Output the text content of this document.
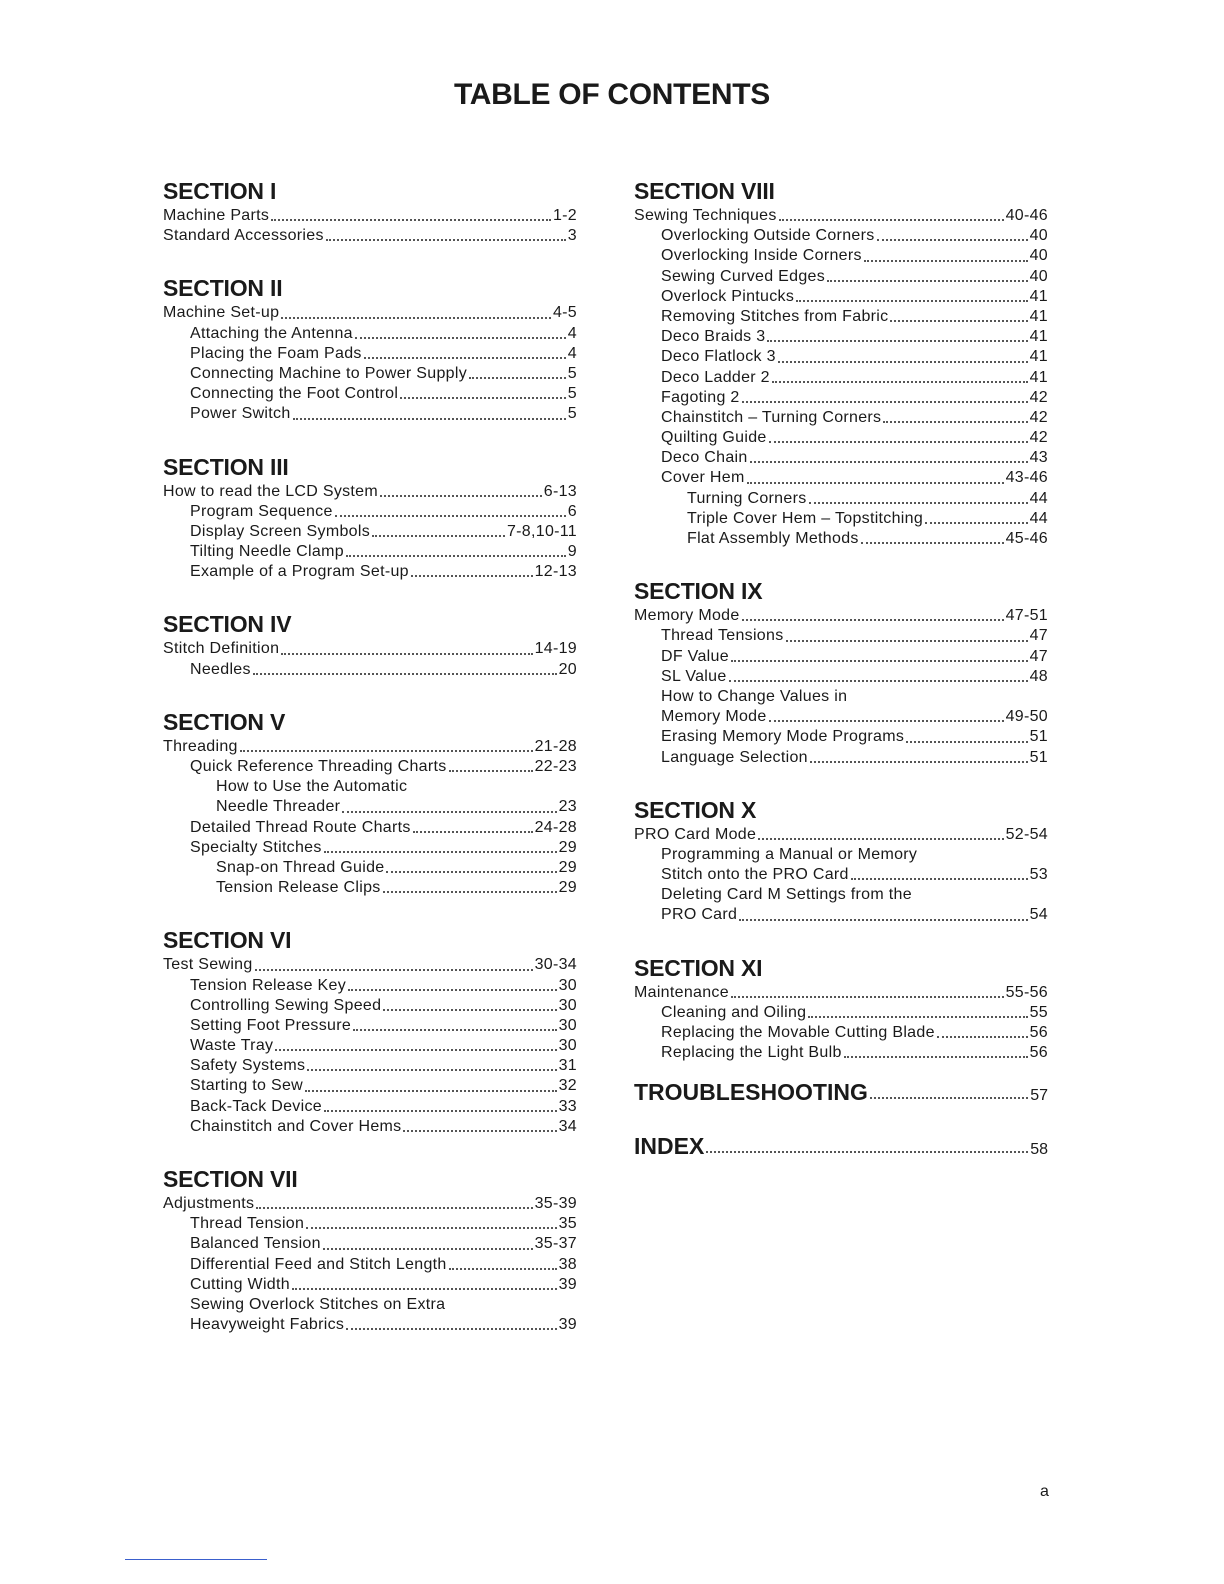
TABLE OF CONTENTS
SECTION I
Machine Parts	1-2
Standard Accessories	3
SECTION II
Machine Set-up	4-5
Attaching the Antenna	4
Placing the Foam Pads	4
Connecting Machine to Power Supply	5
Connecting the Foot Control	5
Power Switch	5
SECTION III
How to read the LCD System	6-13
Program Sequence	6
Display Screen Symbols	7-8,10-11
Tilting Needle Clamp	9
Example of a Program Set-up	12-13
SECTION IV
Stitch Definition	14-19
Needles	20
SECTION V
Threading	21-28
Quick Reference Threading Charts	22-23
How to Use the Automatic
Needle Threader	23
Detailed Thread Route Charts	24-28
Specialty Stitches	29
Snap-on Thread Guide	29
Tension Release Clips	29
SECTION VI
Test Sewing	30-34
Tension Release Key	30
Controlling Sewing Speed	30
Setting Foot Pressure	30
Waste Tray	30
Safety Systems	31
Starting to Sew	32
Back-Tack Device	33
Chainstitch and Cover Hems	34
SECTION VII
Adjustments	35-39
Thread Tension	35
Balanced Tension	35-37
Differential Feed and Stitch Length	38
Cutting Width	39
Sewing Overlock Stitches on Extra
Heavyweight Fabrics	39
SECTION VIII
Sewing Techniques	40-46
Overlocking Outside Corners	40
Overlocking Inside Corners	40
Sewing Curved Edges	40
Overlock Pintucks	41
Removing Stitches from Fabric	41
Deco Braids 3	41
Deco Flatlock 3	41
Deco Ladder 2	41
Fagoting 2	42
Chainstitch – Turning Corners	42
Quilting Guide	42
Deco Chain	43
Cover Hem	43-46
Turning Corners	44
Triple Cover Hem – Topstitching	44
Flat Assembly Methods	45-46
SECTION IX
Memory Mode	47-51
Thread Tensions	47
DF Value	47
SL Value	48
How to Change Values in
Memory Mode	49-50
Erasing Memory Mode Programs	51
Language Selection	51
SECTION X
PRO Card Mode	52-54
Programming a Manual or Memory
Stitch onto the PRO Card	53
Deleting Card M Settings from the
PRO Card	54
SECTION XI
Maintenance	55-56
Cleaning and Oiling	55
Replacing the Movable Cutting Blade	56
Replacing the Light Bulb	56
TROUBLESHOOTING	57
INDEX	58
a
